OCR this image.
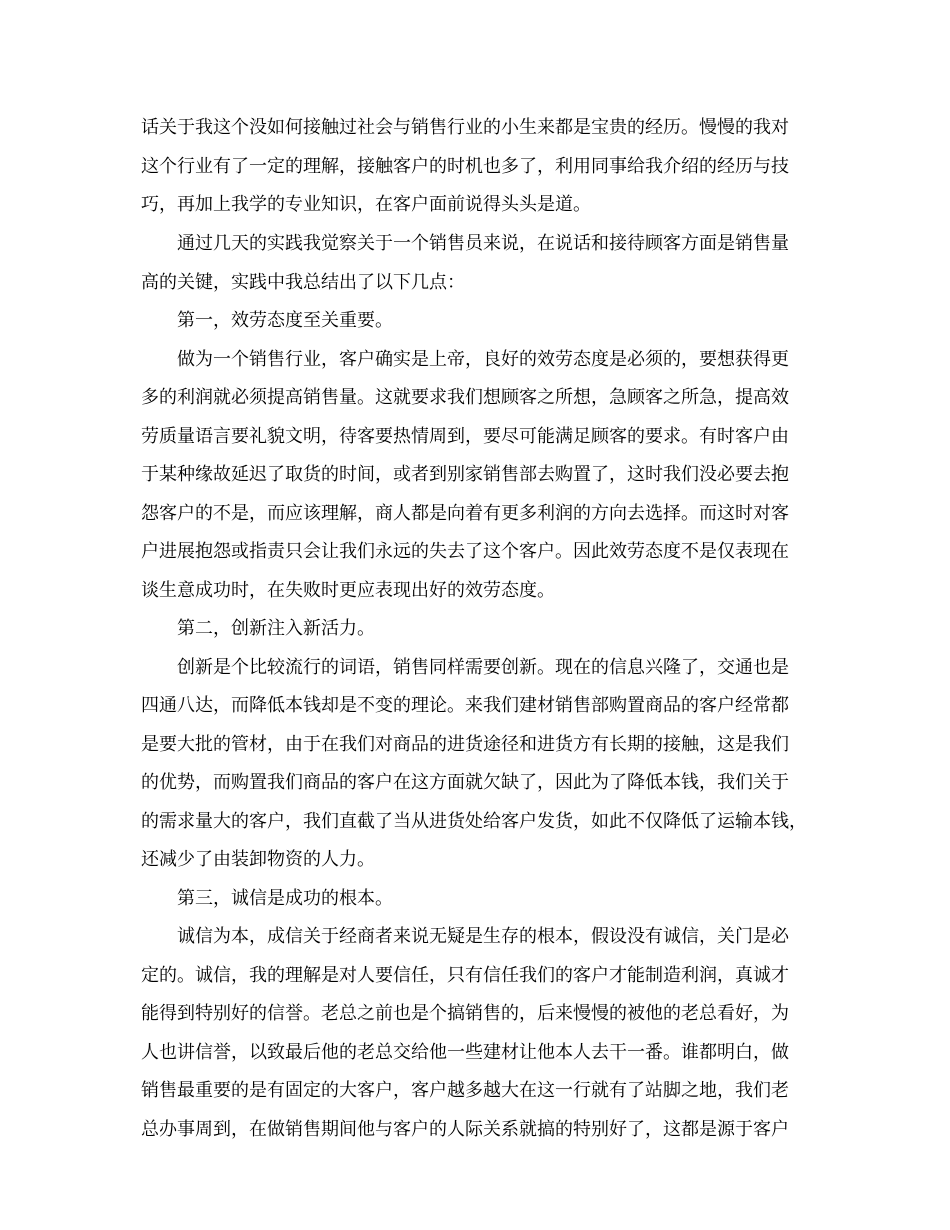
话关于我这个没如何接触过社会与销售行业的小生来都是宝贵的经历。慢慢的我对
这个行业有了一定的理解，接触客户的时机也多了，利用同事给我介绍的经历与技
巧，再加上我学的专业知识，在客户面前说得头头是道。
　　通过几天的实践我觉察关于一个销售员来说，在说话和接待顾客方面是销售量
高的关键，实践中我总结出了以下几点：
　　第一，效劳态度至关重要。
　　做为一个销售行业，客户确实是上帝，良好的效劳态度是必须的，要想获得更
多的利润就必须提高销售量。这就要求我们想顾客之所想，急顾客之所急，提高效
劳质量语言要礼貌文明，待客要热情周到，要尽可能满足顾客的要求。有时客户由
于某种缘故延迟了取货的时间，或者到别家销售部去购置了，这时我们没必要去抱
怨客户的不是，而应该理解，商人都是向着有更多利润的方向去选择。而这时对客
户进展抱怨或指责只会让我们永远的失去了这个客户。因此效劳态度不是仅表现在
谈生意成功时，在失败时更应表现出好的效劳态度。
　　第二，创新注入新活力。
　　创新是个比较流行的词语，销售同样需要创新。现在的信息兴隆了，交通也是
四通八达，而降低本钱却是不变的理论。来我们建材销售部购置商品的客户经常都
是要大批的管材，由于在我们对商品的进货途径和进货方有长期的接触，这是我们
的优势，而购置我们商品的客户在这方面就欠缺了，因此为了降低本钱，我们关于
的需求量大的客户，我们直截了当从进货处给客户发货，如此不仅降低了运输本钱，
还减少了由装卸物资的人力。
　　第三，诚信是成功的根本。
　　诚信为本，成信关于经商者来说无疑是生存的根本，假设没有诚信，关门是必
定的。诚信，我的理解是对人要信任，只有信任我们的客户才能制造利润，真诚才
能得到特别好的信誉。老总之前也是个搞销售的，后来慢慢的被他的老总看好，为
人也讲信誉，以致最后他的老总交给他一些建材让他本人去干一番。谁都明白，做
销售最重要的是有固定的大客户，客户越多越大在这一行就有了站脚之地，我们老
总办事周到，在做销售期间他与客户的人际关系就搞的特别好了，这都是源于客户
